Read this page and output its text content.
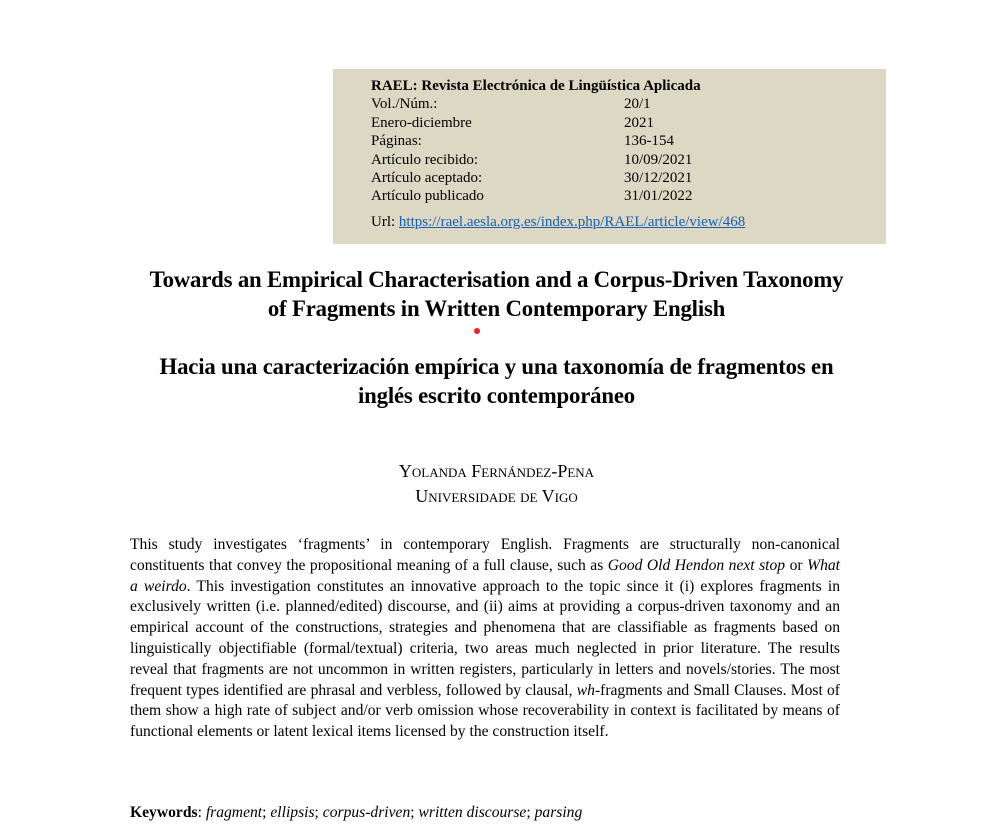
RAEL: Revista Electrónica de Lingüística Aplicada
Vol./Núm.:	20/1
Enero-diciembre	2021
Páginas:	136-154
Artículo recibido:	10/09/2021
Artículo aceptado:	30/12/2021
Artículo publicado	31/01/2022
Url: https://rael.aesla.org.es/index.php/RAEL/article/view/468
Towards an Empirical Characterisation and a Corpus-Driven Taxonomy
of Fragments in Written Contemporary English
Hacia una caracterización empírica y una taxonomía de fragmentos en
inglés escrito contemporáneo
Yolanda Fernández-Pena
Universidade de Vigo
This study investigates ‘fragments’ in contemporary English. Fragments are structurally non-canonical constituents that convey the propositional meaning of a full clause, such as Good Old Hendon next stop or What a weirdo. This investigation constitutes an innovative approach to the topic since it (i) explores fragments in exclusively written (i.e. planned/edited) discourse, and (ii) aims at providing a corpus-driven taxonomy and an empirical account of the constructions, strategies and phenomena that are classifiable as fragments based on linguistically objectifiable (formal/textual) criteria, two areas much neglected in prior literature. The results reveal that fragments are not uncommon in written registers, particularly in letters and novels/stories. The most frequent types identified are phrasal and verbless, followed by clausal, wh-fragments and Small Clauses. Most of them show a high rate of subject and/or verb omission whose recoverability in context is facilitated by means of functional elements or latent lexical items licensed by the construction itself.
Keywords: fragment; ellipsis; corpus-driven; written discourse; parsing
